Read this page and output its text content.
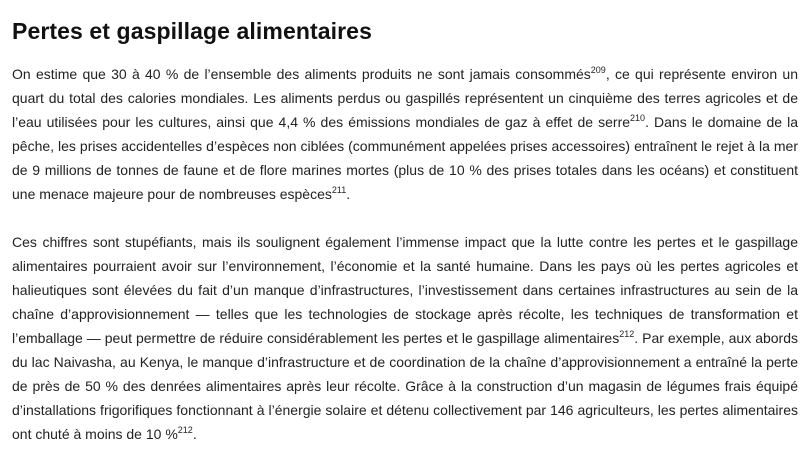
Pertes et gaspillage alimentaires

On estime que 30 à 40 % de l’ensemble des aliments produits ne sont jamais consommés$^{209}$, ce qui représente environ un quart du total des calories mondiales. Les aliments perdus ou gaspillés représentent un cinquième des terres agricoles et de l’eau utilisées pour les cultures, ainsi que 4,4 % des émissions mondiales de gaz à effet de serre$^{210}$. Dans le domaine de la pêche, les prises accidentelles d’espèces non ciblées (communément appelées prises accessoires) entraînent le rejet à la mer de 9 millions de tonnes de faune et de flore marines mortes (plus de 10 % des prises totales dans les océans) et constituent une menace majeure pour de nombreuses espèces$^{211}$.

Ces chiffres sont stupéfiants, mais ils soulignent également l’immense impact que la lutte contre les pertes et le gaspillage alimentaires pourraient avoir sur l’environnement, l’économie et la santé humaine. Dans les pays où les pertes agricoles et halieutiques sont élevées du fait d’un manque d’infrastructures, l’investissement dans certaines infrastructures au sein de la chaîne d’approvisionnement — telles que les technologies de stockage après récolte, les techniques de transformation et l’emballage — peut permettre de réduire considérablement les pertes et le gaspillage alimentaires$^{212}$. Par exemple, aux abords du lac Naivasha, au Kenya, le manque d’infrastructure et de coordination de la chaîne d’approvisionnement a entraîné la perte de près de 50 % des denrées alimentaires après leur récolte. Grâce à la construction d’un magasin de légumes frais équipé d’installations frigorifiques fonctionnant à l’énergie solaire et détenu collectivement par 146 agriculteurs, les pertes alimentaires ont chuté à moins de 10 %$^{212}$.
